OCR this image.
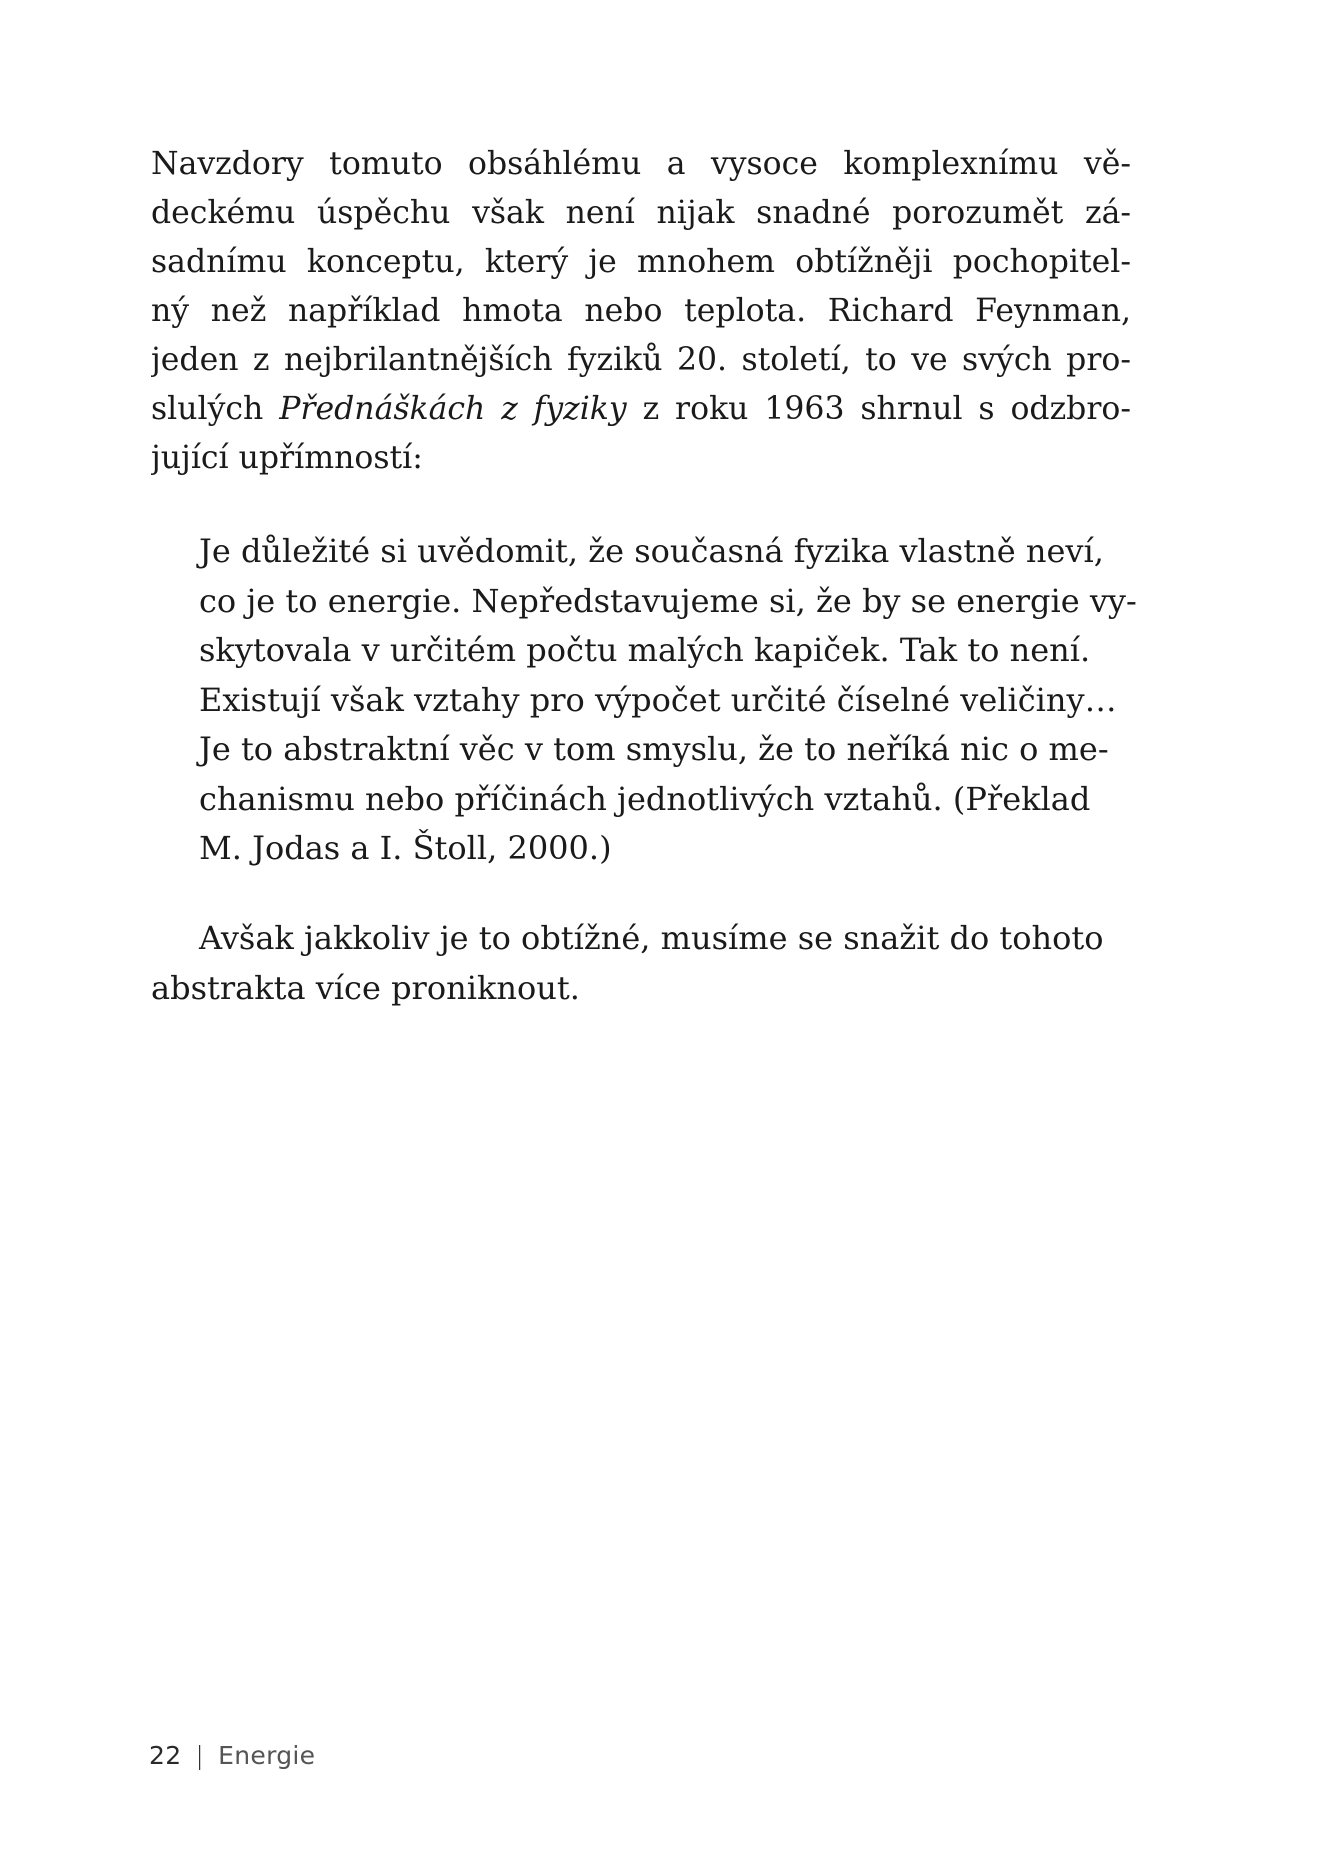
Navzdory tomuto obsáhlému a vysoce komplexnímu vě-
deckému úspěchu však není nijak snadné porozumět zá-
sadnímu konceptu, který je mnohem obtížněji pochopitel-
ný než například hmota nebo teplota. Richard Feynman,
jeden z nejbrilantnějších fyziků 20. století, to ve svých pro-
slulých Přednáškách z fyziky z roku 1963 shrnul s odzbro-
jující upřímností:

Je důležité si uvědomit, že současná fyzika vlastně neví,
co je to energie. Nepředstavujeme si, že by se energie vy-
skytovala v určitém počtu malých kapiček. Tak to není.
Existují však vztahy pro výpočet určité číselné veličiny…
Je to abstraktní věc v tom smyslu, že to neříká nic o me-
chanismu nebo příčinách jednotlivých vztahů. (Překlad
M. Jodas a I. Štoll, 2000.)
Avšak jakkoliv je to obtížné, musíme se snažit do tohoto
abstrakta více proniknout.
22 | Energie
